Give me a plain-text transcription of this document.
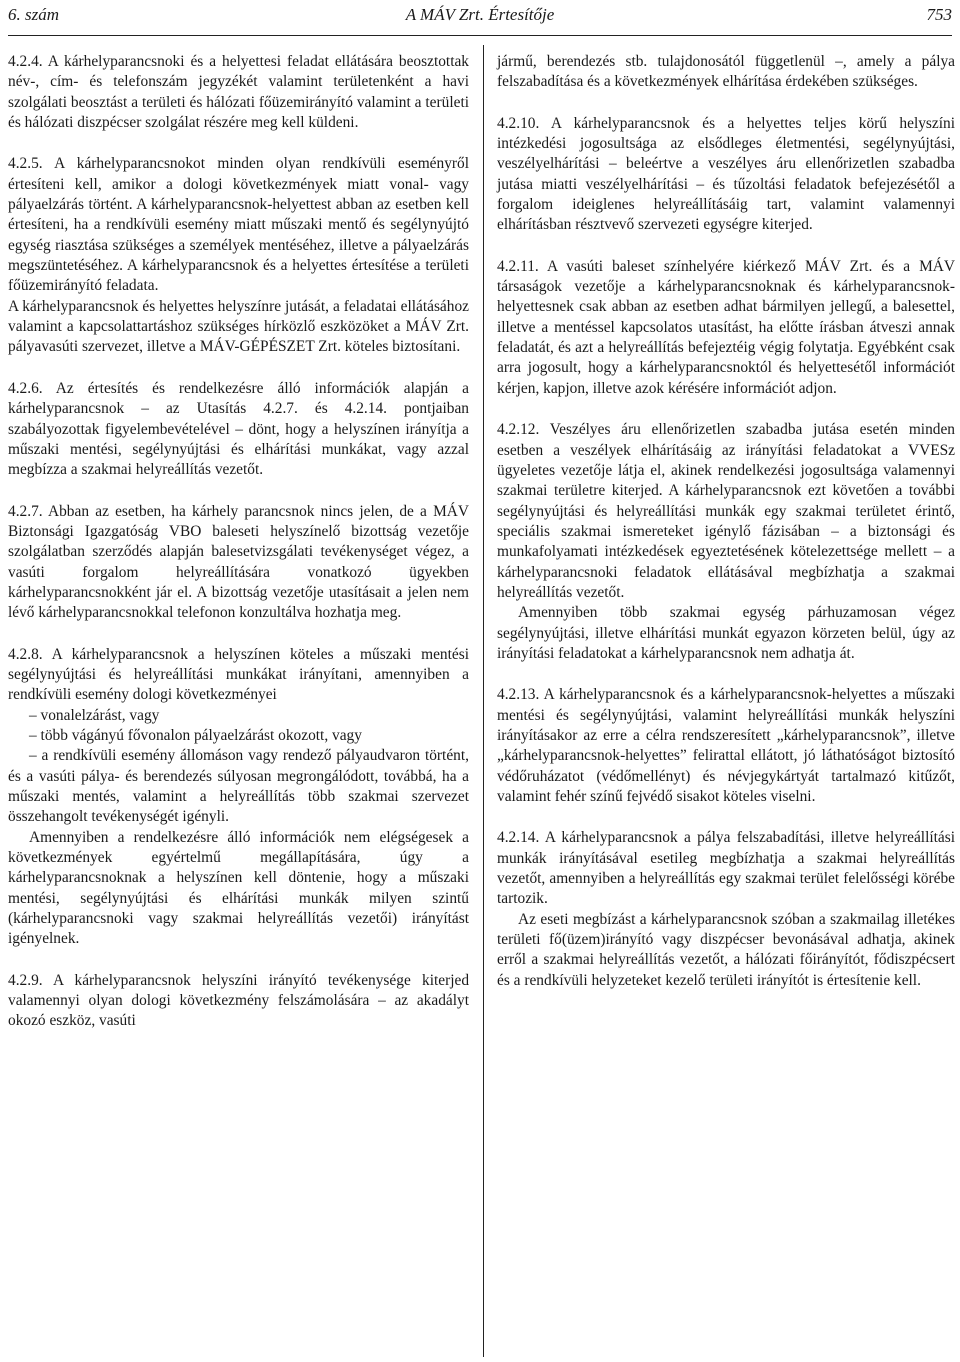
6. szám	A MÁV Zrt. Értesítője	753

4.2.4. A kárhelyparancsnoki és a helyettesi feladat ellátására beosztottak név-, cím- és telefonszám jegyzékét valamint területenként a havi szolgálati beosztást a területi és hálózati főüzemirányító valamint a területi és hálózati diszpécser szolgálat részére meg kell küldeni.

4.2.5. A kárhelyparancsnokot minden olyan rendkívüli eseményről értesíteni kell, amikor a dologi következmények miatt vonal- vagy pályaelzárás történt. A kárhelyparancsnok-helyettest abban az esetben kell értesíteni, ha a rendkívüli esemény miatt műszaki mentő és segélynyújtó egység riasztása szükséges a személyek mentéséhez, illetve a pályaelzárás megszüntetéséhez. A kárhelyparancsnok és a helyettes értesítése a területi főüzemirányító feladata.

A kárhelyparancsnok és helyettes helyszínre jutását, a feladatai ellátásához valamint a kapcsolattartáshoz szükséges hírközlő eszközöket a MÁV Zrt. pályavasúti szervezet, illetve a MÁV-GÉPÉSZET Zrt. köteles biztosítani.

4.2.6. Az értesítés és rendelkezésre álló információk alapján a kárhelyparancsnok – az Utasítás 4.2.7. és 4.2.14. pontjaiban szabályozottak figyelembevételével – dönt, hogy a helyszínen irányítja a műszaki mentési, segélynyújtási és elhárítási munkákat, vagy azzal megbízza a szakmai helyreállítás vezetőt.

4.2.7. Abban az esetben, ha kárhely parancsnok nincs jelen, de a MÁV Biztonsági Igazgatóság VBO baleseti helyszínelő bizottság vezetője szolgálatban szerződés alapján balesetvizsgálati tevékenységet végez, a vasúti forgalom helyreállítására vonatkozó ügyekben kárhelyparancsnokként jár el. A bizottság vezetője utasításait a jelen nem lévő kárhelyparancsnokkal telefonon konzultálva hozhatja meg.

4.2.8. A kárhelyparancsnok a helyszínen köteles a műszaki mentési segélynyújtási és helyreállítási munkákat irányítani, amennyiben a rendkívüli esemény dologi következményei

– vonalelzárást, vagy

– több vágányú fővonalon pályaelzárást okozott, vagy

– a rendkívüli esemény állomáson vagy rendező pályaudvaron történt, és a vasúti pálya- és berendezés súlyosan megrongálódott, továbbá, ha a műszaki mentés, valamint a helyreállítás több szakmai szervezet összehangolt tevékenységét igényli.

Amennyiben a rendelkezésre álló információk nem elégségesek a következmények egyértelmű megállapítására, úgy a kárhelyparancsnoknak a helyszínen kell döntenie, hogy a műszaki mentési, segélynyújtási és elhárítási munkák milyen szintű (kárhelyparancsnoki vagy szakmai helyreállítás vezetői) irányítást igényelnek.

4.2.9. A kárhelyparancsnok helyszíni irányító tevékenysége kiterjed valamennyi olyan dologi következmény felszámolására – az akadályt okozó eszköz, vasúti

jármű, berendezés stb. tulajdonosától függetlenül –, amely a pálya felszabadítása és a következmények elhárítása érdekében szükséges.

4.2.10. A kárhelyparancsnok és a helyettes teljes körű helyszíni intézkedési jogosultsága az elsődleges életmentési, segélynyújtási, veszélyelhárítási – beleértve a veszélyes áru ellenőrizetlen szabadba jutása miatti veszélyelhárítási – és tűzoltási feladatok befejezésétől a forgalom ideiglenes helyreállításáig tart, valamint valamennyi elhárításban résztvevő szervezeti egységre kiterjed.

4.2.11. A vasúti baleset színhelyére kiérkező MÁV Zrt. és a MÁV társaságok vezetője a kárhelyparancsnoknak és kárhelyparancsnok-helyettesnek csak abban az esetben adhat bármilyen jellegű, a balesettel, illetve a mentéssel kapcsolatos utasítást, ha előtte írásban átveszi annak feladatát, és azt a helyreállítás befejeztéig végig folytatja. Egyébként csak arra jogosult, hogy a kárhelyparancsnoktól és helyettesétől információt kérjen, kapjon, illetve azok kérésére információt adjon.

4.2.12. Veszélyes áru ellenőrizetlen szabadba jutása esetén minden esetben a veszélyek elhárításáig az irányítási feladatokat a VVESz ügyeletes vezetője látja el, akinek rendelkezési jogosultsága valamennyi szakmai területre kiterjed. A kárhelyparancsnok ezt követően a további segélynyújtási és helyreállítási munkák egy szakmai területet érintő, speciális szakmai ismereteket igénylő fázisában – a biztonsági és munkafolyamati intézkedések egyeztetésének kötelezettsége mellett – a kárhelyparancsnoki feladatok ellátásával megbízhatja a szakmai helyreállítás vezetőt.

Amennyiben több szakmai egység párhuzamosan végez segélynyújtási, illetve elhárítási munkát egyazon körzeten belül, úgy az irányítási feladatokat a kárhelyparancsnok nem adhatja át.

4.2.13. A kárhelyparancsnok és a kárhelyparancsnok-helyettes a műszaki mentési és segélynyújtási, valamint helyreállítási munkák helyszíni irányításakor az erre a célra rendszeresített „kárhelyparancsnok”, illetve „kárhelyparancsnok-helyettes” felirattal ellátott, jó láthatóságot biztosító védőruházatot (védőmellényt) és névjegykártyát tartalmazó kitűzőt, valamint fehér színű fejvédő sisakot köteles viselni.

4.2.14. A kárhelyparancsnok a pálya felszabadítási, illetve helyreállítási munkák irányításával esetileg megbízhatja a szakmai helyreállítás vezetőt, amennyiben a helyreállítás egy szakmai terület felelősségi körébe tartozik.

Az eseti megbízást a kárhelyparancsnok szóban a szakmailag illetékes területi fő(üzem)irányító vagy diszpécser bevonásával adhatja, akinek erről a szakmai helyreállítás vezetőt, a hálózati főirányítót, fődiszpécsert és a rendkívüli helyzeteket kezelő területi irányítót is értesítenie kell.
